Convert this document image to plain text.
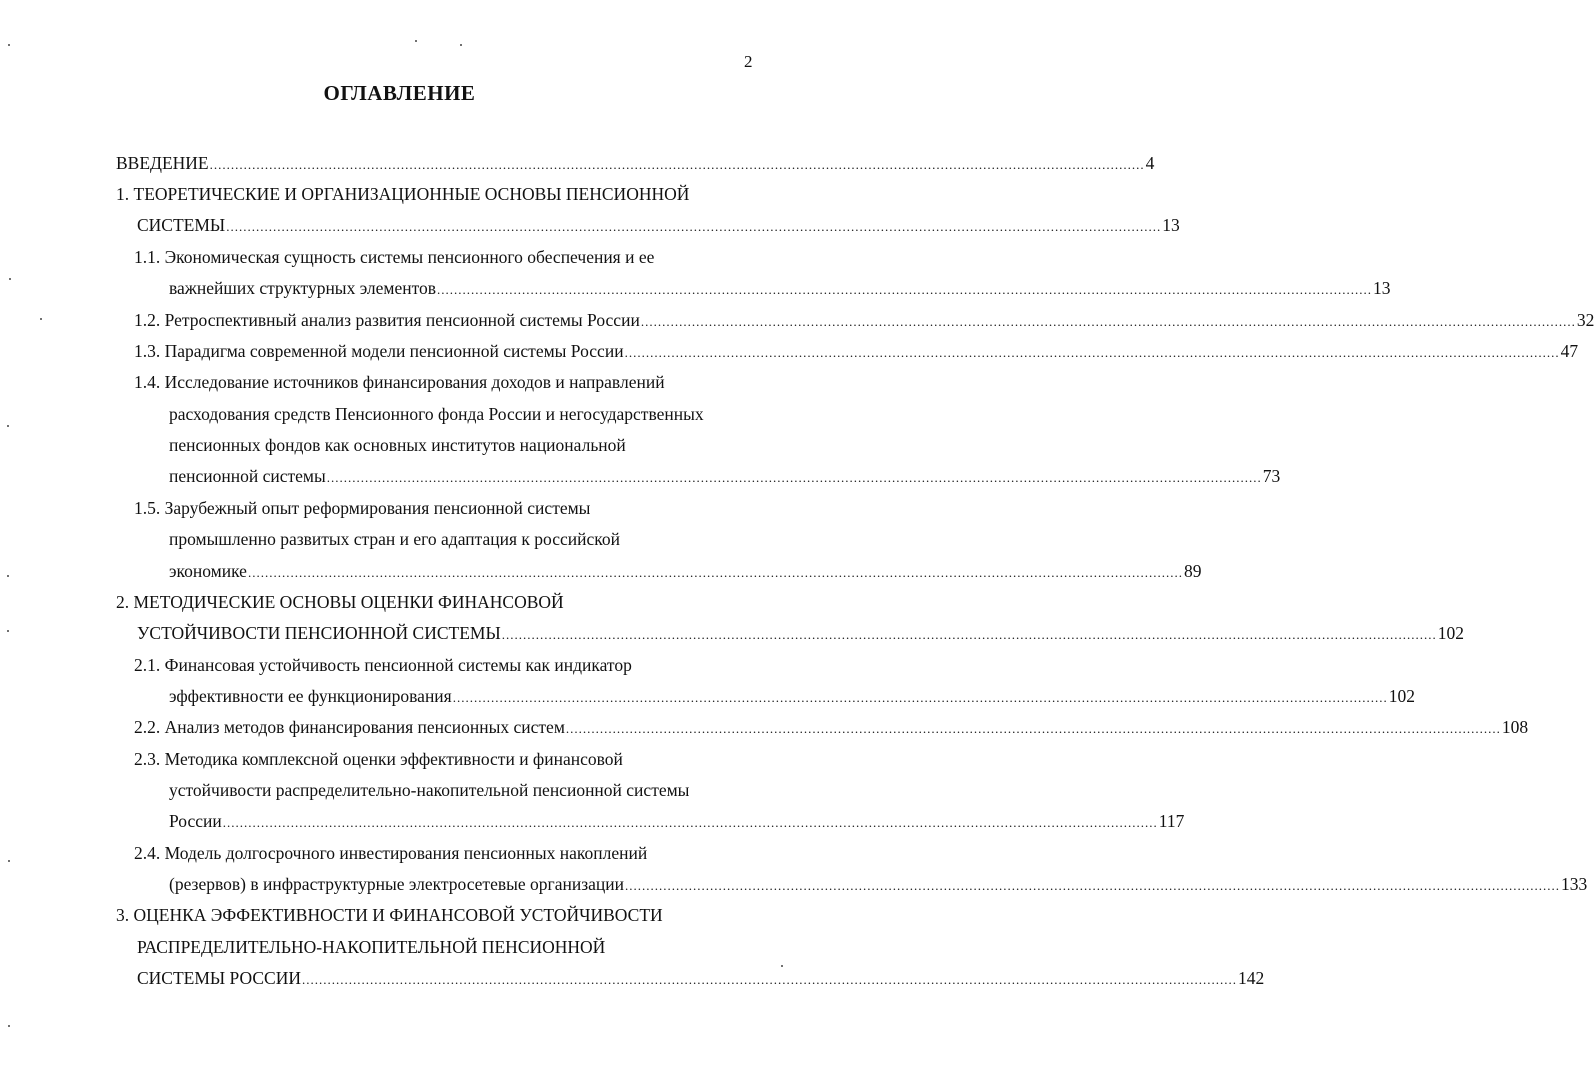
2
ОГЛАВЛЕНИЕ
ВВЕДЕНИЕ ............................................................................................................................................................................................................................ 4
1. ТЕОРЕТИЧЕСКИЕ И ОРГАНИЗАЦИОННЫЕ ОСНОВЫ ПЕНСИОННОЙ
СИСТЕМЫ ............................................................................................................................................................................................................................ 13
1.1. Экономическая сущность системы пенсионного обеспечения и ее
важнейших структурных элементов ............................................................................................................................................................................................................................ 13
1.2. Ретроспективный анализ развития пенсионной системы России ............................................................................................................................................................................................................................ 32
1.3. Парадигма современной модели пенсионной системы России ............................................................................................................................................................................................................................ 47
1.4. Исследование источников финансирования доходов и направлений
расходования средств Пенсионного фонда России и негосударственных
пенсионных фондов как основных институтов национальной
пенсионной системы ............................................................................................................................................................................................................................ 73
1.5. Зарубежный опыт реформирования пенсионной системы
промышленно развитых стран и его адаптация к российской
экономике ............................................................................................................................................................................................................................ 89
2. МЕТОДИЧЕСКИЕ ОСНОВЫ ОЦЕНКИ ФИНАНСОВОЙ
УСТОЙЧИВОСТИ ПЕНСИОННОЙ СИСТЕМЫ ............................................................................................................................................................................................................................ 102
2.1. Финансовая устойчивость пенсионной системы как индикатор
эффективности ее функционирования ............................................................................................................................................................................................................................ 102
2.2. Анализ методов финансирования пенсионных систем ............................................................................................................................................................................................................................ 108
2.3. Методика комплексной оценки эффективности и финансовой
устойчивости распределительно-накопительной пенсионной системы
России ............................................................................................................................................................................................................................ 117
2.4. Модель долгосрочного инвестирования пенсионных накоплений
(резервов) в инфраструктурные электросетевые организации ............................................................................................................................................................................................................................ 133
3. ОЦЕНКА ЭФФЕКТИВНОСТИ И ФИНАНСОВОЙ УСТОЙЧИВОСТИ
РАСПРЕДЕЛИТЕЛЬНО-НАКОПИТЕЛЬНОЙ ПЕНСИОННОЙ
СИСТЕМЫ РОССИИ ............................................................................................................................................................................................................................ 142
